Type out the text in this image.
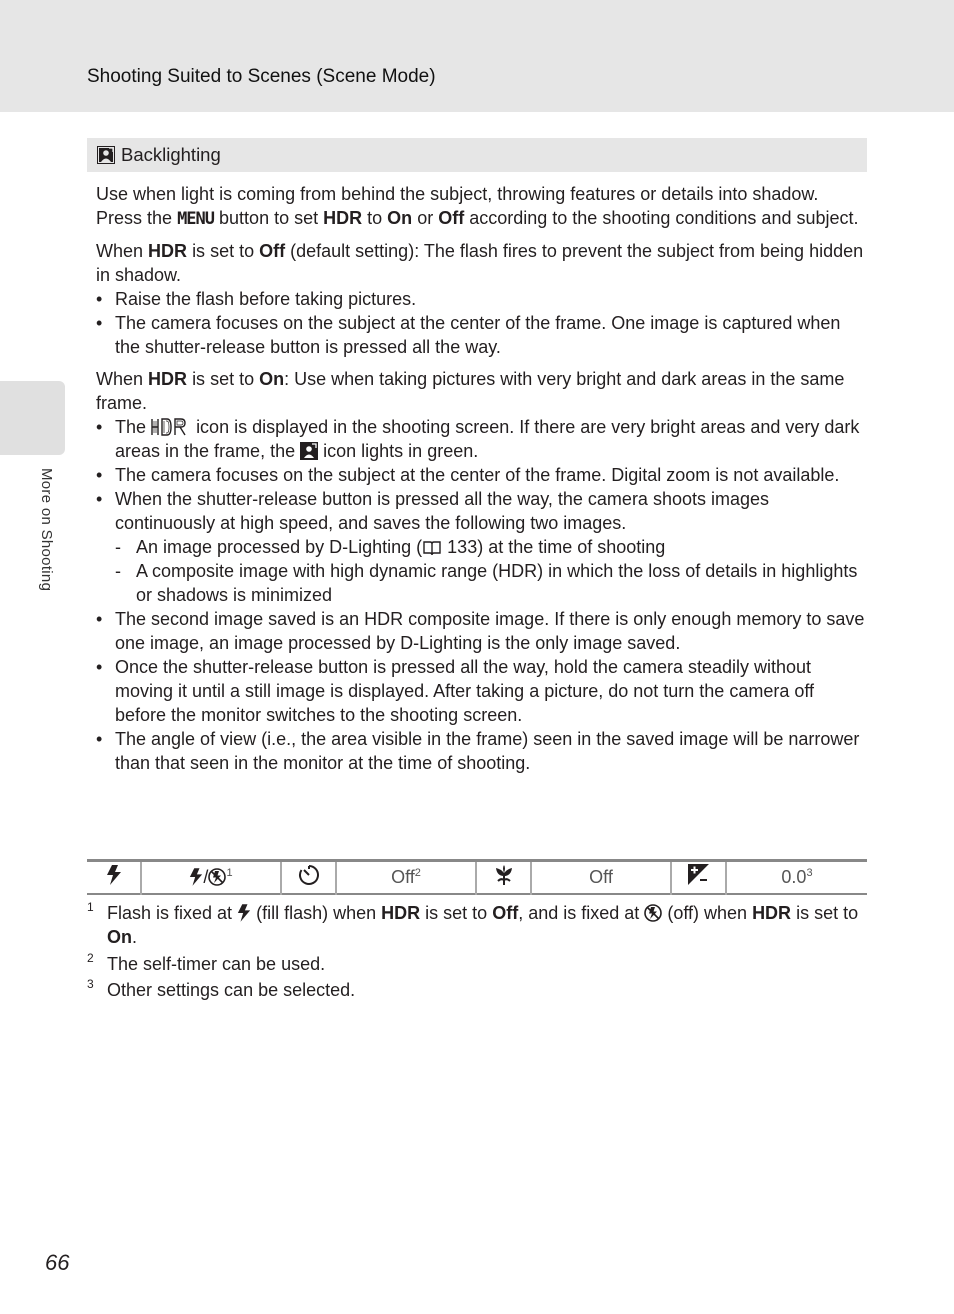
Shooting Suited to Scenes (Scene Mode)
More on Shooting
Backlighting

Use when light is coming from behind the subject, throwing features or details into shadow.

Press the MENU button to set HDR to On or Off according to the shooting conditions and subject.

When HDR is set to Off (default setting): The flash fires to prevent the subject from being hidden in shadow.

• Raise the flash before taking pictures.
• The camera focuses on the subject at the center of the frame. One image is captured when the shutter-release button is pressed all the way.

When HDR is set to On: Use when taking pictures with very bright and dark areas in the same frame.

• The	icon is displayed in the shooting screen. If there are very bright areas and very dark areas in the frame, the icon lights in green.
• The camera focuses on the subject at the center of the frame. Digital zoom is not available.
• When the shutter-release button is pressed all the way, the camera shoots images continuously at high speed, and saves the following two images.
- An image processed by D-Lighting ( 133) at the time of shooting
- A composite image with high dynamic range (HDR) in which the loss of details in highlights or shadows is minimized
• The second image saved is an HDR composite image. If there is only enough memory to save one image, an image processed by D-Lighting is the only image saved.
• Once the shutter-release button is pressed all the way, hold the camera steadily without moving it until a still image is displayed. After taking a picture, do not turn the camera off before the monitor switches to the shooting screen.
• The angle of view (i.e., the area visible in the frame) seen in the saved image will be narrower than that seen in the monitor at the time of shooting.
	/ $^1$		Off$^2$		Off		$0.0^3$
1 Flash is fixed at (fill flash) when HDR is set to Off, and is fixed at (off) when HDR is set to On.
2 The self-timer can be used.
3 Other settings can be selected.
66
